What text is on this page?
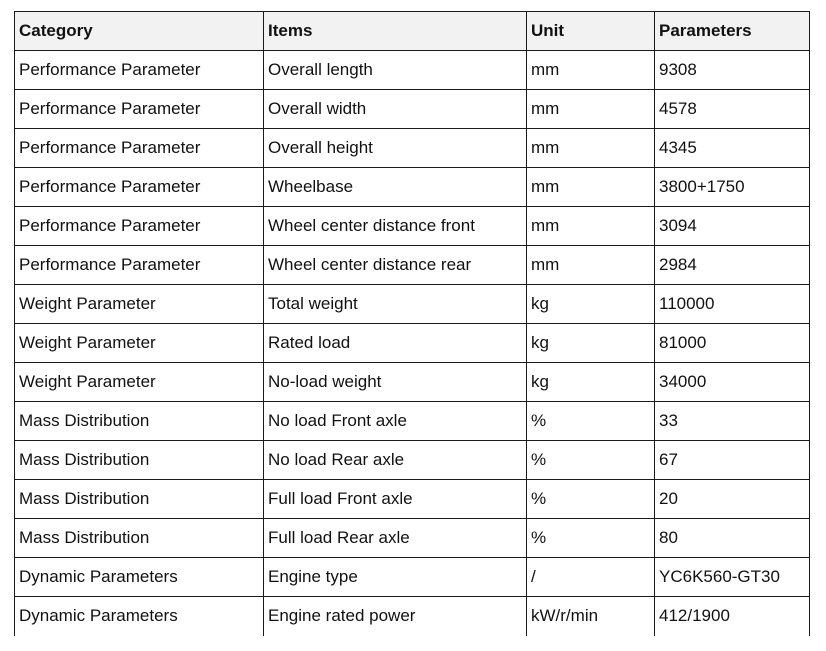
Category	Items	Unit	Parameters
Performance Parameter	Overall length	mm	9308
Performance Parameter	Overall width	mm	4578
Performance Parameter	Overall height	mm	4345
Performance Parameter	Wheelbase	mm	3800+1750
Performance Parameter	Wheel center distance front	mm	3094
Performance Parameter	Wheel center distance rear	mm	2984
Weight Parameter	Total weight	kg	110000
Weight Parameter	Rated load	kg	81000
Weight Parameter	No-load weight	kg	34000
Mass Distribution	No load Front axle	%	33
Mass Distribution	No load Rear axle	%	67
Mass Distribution	Full load Front axle	%	20
Mass Distribution	Full load Rear axle	%	80
Dynamic Parameters	Engine type	/	YC6K560-GT30
Dynamic Parameters	Engine rated power	kW/r/min	412/1900
